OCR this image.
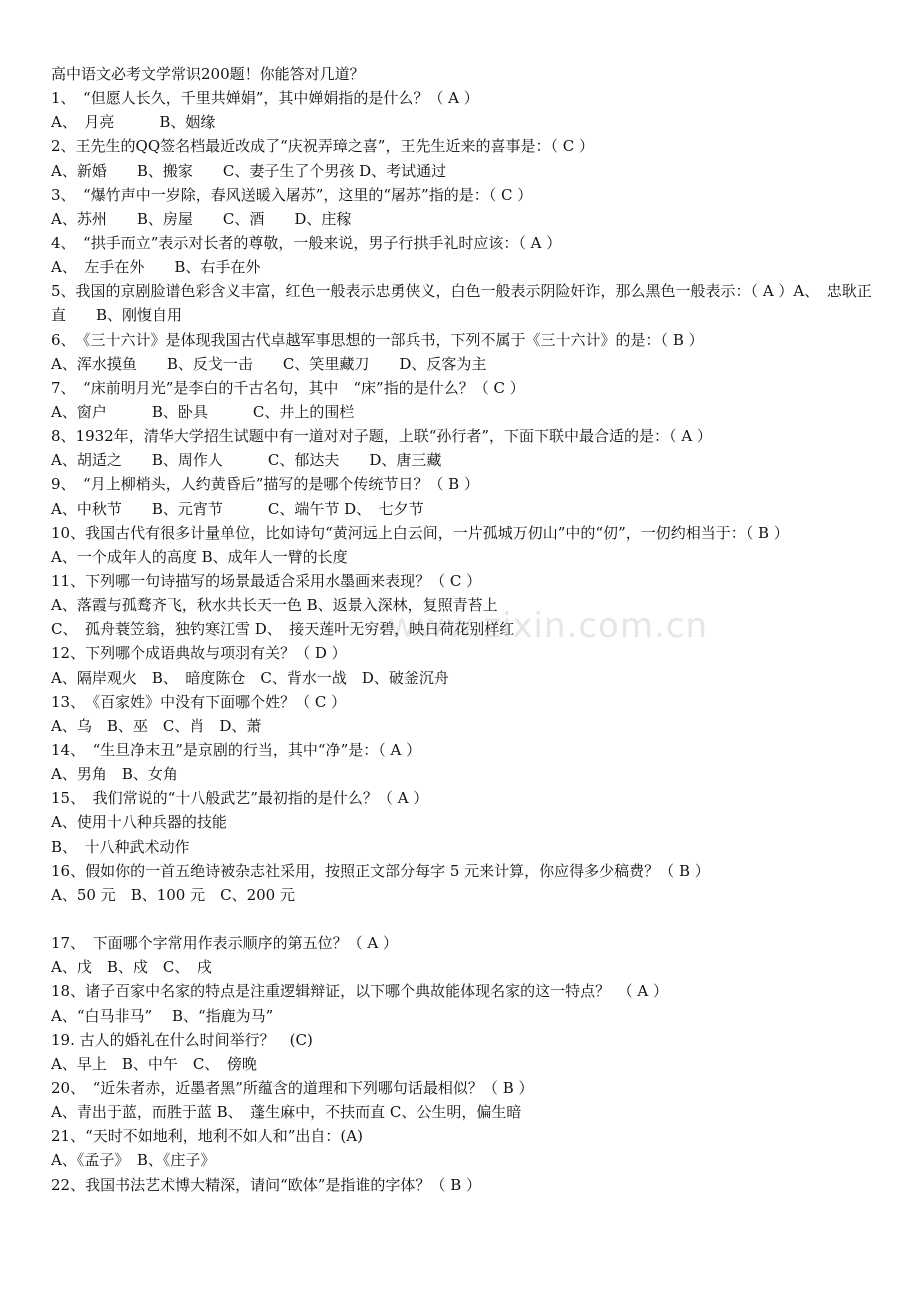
www.zixin.com.cn
高中语文必考文学常识200题！你能答对几道？
1、　“但愿人长久，千里共婵娟”，其中婵娟指的是什么？（ A ）
A、　月亮　　　B、姻缘
2、王先生的QQ签名档最近改成了“庆祝弄璋之喜”，王先生近来的喜事是：（ C ）
A、新婚　　B、搬家　　C、妻子生了个男孩 D、考试通过
3、　“爆竹声中一岁除，春风送暖入屠苏”，这里的“屠苏”指的是：（ C ）
A、苏州　　B、房屋　　C、酒　　D、庄稼
4、　“拱手而立”表示对长者的尊敬，一般来说，男子行拱手礼时应该：（ A ）
A、　左手在外　　B、右手在外
5、我国的京剧脸谱色彩含义丰富，红色一般表示忠勇侠义，白色一般表示阴险奸诈，那么黑色一般表示：（ A ）A、　忠耿正直　　B、刚愎自用
6、　《三十六计》是体现我国古代卓越军事思想的一部兵书，下列不属于《三十六计》的是：（ B ）
A、浑水摸鱼　　B、反戈一击　　C、笑里藏刀　　D、反客为主
7、　“床前明月光”是李白的千古名句，其中　“床”指的是什么？（ C ）
A、窗户　　　B、卧具　　　C、井上的围栏
8、1932年，清华大学招生试题中有一道对对子题，上联“孙行者”，下面下联中最合适的是：（ A ）
A、胡适之　　B、周作人　　　C、郁达夫　　D、唐三藏
9、　“月上柳梢头，人约黄昏后”描写的是哪个传统节日？（ B ）
A、中秋节　　B、元宵节　　　C、端午节 D、　七夕节
10、我国古代有很多计量单位，比如诗句“黄河远上白云间，一片孤城万仞山”中的“仞”，一仞约相当于：（ B ）
A、一个成年人的高度 B、成年人一臂的长度
11、下列哪一句诗描写的场景最适合采用水墨画来表现？（ C ）
A、落霞与孤鹜齐飞，秋水共长天一色 B、返景入深林，复照青苔上
C、　孤舟蓑笠翁，独钓寒江雪 D、　接天莲叶无穷碧，映日荷花别样红
12、下列哪个成语典故与项羽有关？（ D ）
A、隔岸观火　B、　暗度陈仓　C、背水一战　D、破釜沉舟
13、　《百家姓》中没有下面哪个姓？（ C ）
A、乌　B、巫　C、肖　D、萧
14、　“生旦净末丑”是京剧的行当，其中“净”是：（ A ）
A、男角　B、女角
15、　我们常说的“十八般武艺”最初指的是什么？（ A ）
A、使用十八种兵器的技能
B、　十八种武术动作
16、假如你的一首五绝诗被杂志社采用，按照正文部分每字 5 元来计算，你应得多少稿费？（ B ）
A、50 元　B、100 元　C、200 元
17、　下面哪个字常用作表示顺序的第五位？（ A ）
A、戊　B、戍　C、　戌
18、诸子百家中名家的特点是注重逻辑辩证，以下哪个典故能体现名家的这一特点？　（ A ）
A、“白马非马”　 B、“指鹿为马”
19. 古人的婚礼在什么时间举行？　(C)
A、早上　B、中午　C、　傍晚
20、　“近朱者赤，近墨者黑”所蕴含的道理和下列哪句话最相似？（ B ）
A、青出于蓝，而胜于蓝 B、　蓬生麻中，不扶而直 C、公生明，偏生暗
21、“天时不如地利，地利不如人和”出自：(A)
A、《孟子》　B、《庄子》
22、我国书法艺术博大精深，请问“欧体”是指谁的字体？（ B ）
